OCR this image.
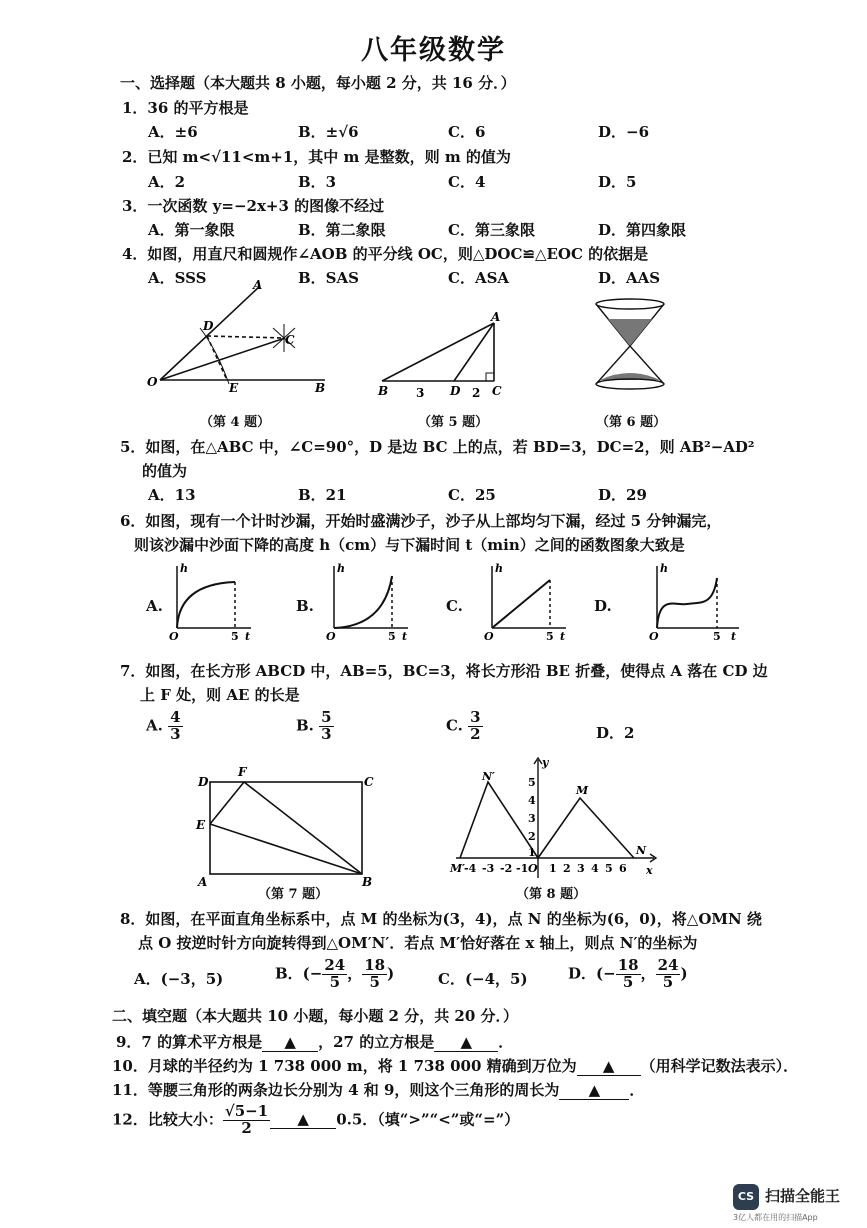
八年级数学
一、选择题（本大题共 8 小题，每小题 2 分，共 16 分．）
1．36 的平方根是
A．±6	B．±√6	C．6	D．−6
2．已知 m<√11<m+1，其中 m 是整数，则 m 的值为
A．2	B．3	C．4	D．5
3．一次函数 y=−2x+3 的图像不经过
A．第一象限	B．第二象限	C．第三象限	D．第四象限
4．如图，用直尺和圆规作∠AOB 的平分线 OC，则△DOC≌△EOC 的依据是
A．SSS	B．SAS	C．ASA	D．AAS
A
D
C
O	E	B
A
B	D	C
3	2
（第 4 题）	（第 5 题）	（第 6 题）
5．如图，在△ABC 中，∠C=90°，D 是边 BC 上的点，若 BD=3，DC=2，则 AB²−AD²
的值为
A．13	B．21	C．25	D．29
6．如图，现有一个计时沙漏，开始时盛满沙子，沙子从上部均匀下漏，经过 5 分钟漏完，
则该沙漏中沙面下降的高度 h（cm）与下漏时间 t（min）之间的函数图象大致是
A.	B.	C.	D.
h
O	5 t
h
O	5 t
h
O	5 t
h
O	5 t
7．如图，在长方形 ABCD 中，AB=5，BC=3，将长方形沿 BE 折叠，使得点 A 落在 CD 边
上 F 处，则 AE 的长是
A. $\frac{4}{3}$	B. $\frac{5}{3}$	C. $\frac{3}{2}$	D．2
D
F
C
E
A	B
y
x
N′
M
N
M′	O
5
4
3
2
1
-4 -3 -2 -1 1 2 3 4 5 6
（第 7 题）	（第 8 题）
8．如图，在平面直角坐标系中，点 M 的坐标为(3，4)，点 N 的坐标为(6，0)，将△OMN 绕
点 O 按逆时针方向旋转得到△OM′N′．若点 M′恰好落在 x 轴上，则点 N′的坐标为
A．(−3，5)	B．(− $\frac{24}{5}$ ， $\frac{18}{5}$ )	C．(−4，5)	D．(− $\frac{18}{5}$ ， $\frac{24}{5}$ )
二、填空题（本大题共 10 小题，每小题 2 分，共 20 分．）
9．7 的算术平方根是 ▲ ，27 的立方根是 ▲ ．
10．月球的半径约为 1 738 000 m，将 1 738 000 精确到万位为 ▲ （用科学记数法表示）．
11．等腰三角形的两条边长分别为 4 和 9，则这个三角形的周长为 ▲ ．
12．比较大小： $\frac{√5-1}{2}$ ▲ 0.5．（填“>”“<”或“=”）
CS 扫描全能王
3亿人都在用的扫描App
